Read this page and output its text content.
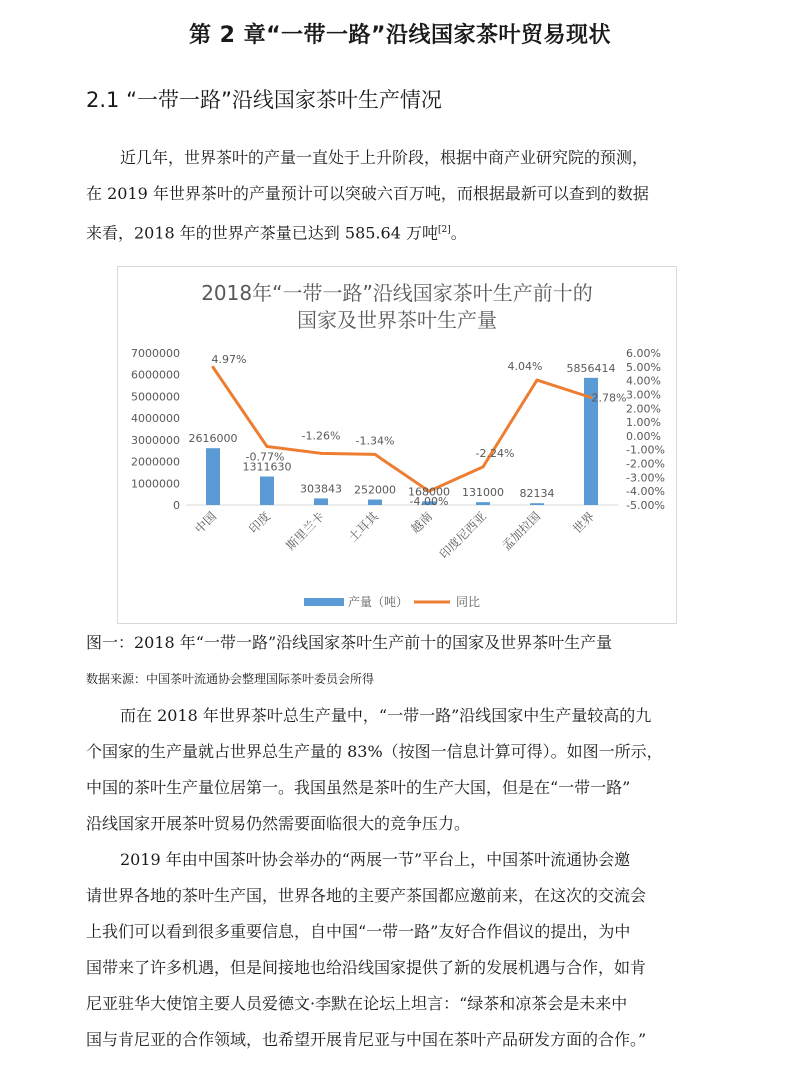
第 2 章“一带一路”沿线国家茶叶贸易现状
2.1 “一带一路”沿线国家茶叶生产情况
近几年，世界茶叶的产量一直处于上升阶段，根据中商产业研究院的预测，
在 2019 年世界茶叶的产量预计可以突破六百万吨，而根据最新可以查到的数据
来看，2018 年的世界产茶量已达到 585.64 万吨[2]。
2018年“一带一路”沿线国家茶叶生产前十的
国家及世界茶叶生产量
7000000
6000000
5000000
4000000
3000000
2000000
1000000
0
6.00%
5.00%
4.00%
3.00%
2.00%
1.00%
0.00%
-1.00%
-2.00%
-3.00%
-4.00%
-5.00%
2616000
1311630
303843 252000 168000 131000 82134
5856414
4.97%
-0.77%
-1.26% -1.34%
-4.00%
-2.24%
4.04%
2.78%
中国 印度 斯里兰卡 土耳其 越南 印度尼西亚 孟加拉国 世界
产量（吨）	同比
图一：2018 年“一带一路”沿线国家茶叶生产前十的国家及世界茶叶生产量
数据来源：中国茶叶流通协会整理国际茶叶委员会所得
而在 2018 年世界茶叶总生产量中，“一带一路”沿线国家中生产量较高的九
个国家的生产量就占世界总生产量的 83%（按图一信息计算可得）。如图一所示，
中国的茶叶生产量位居第一。我国虽然是茶叶的生产大国，但是在“一带一路”
沿线国家开展茶叶贸易仍然需要面临很大的竞争压力。
2019 年由中国茶叶协会举办的“两展一节”平台上，中国茶叶流通协会邀
请世界各地的茶叶生产国，世界各地的主要产茶国都应邀前来，在这次的交流会
上我们可以看到很多重要信息，自中国“一带一路”友好合作倡议的提出，为中
国带来了许多机遇，但是间接地也给沿线国家提供了新的发展机遇与合作，如肯
尼亚驻华大使馆主要人员爱德文·李默在论坛上坦言：“绿茶和凉茶会是未来中
国与肯尼亚的合作领域，也希望开展肯尼亚与中国在茶叶产品研发方面的合作。”
